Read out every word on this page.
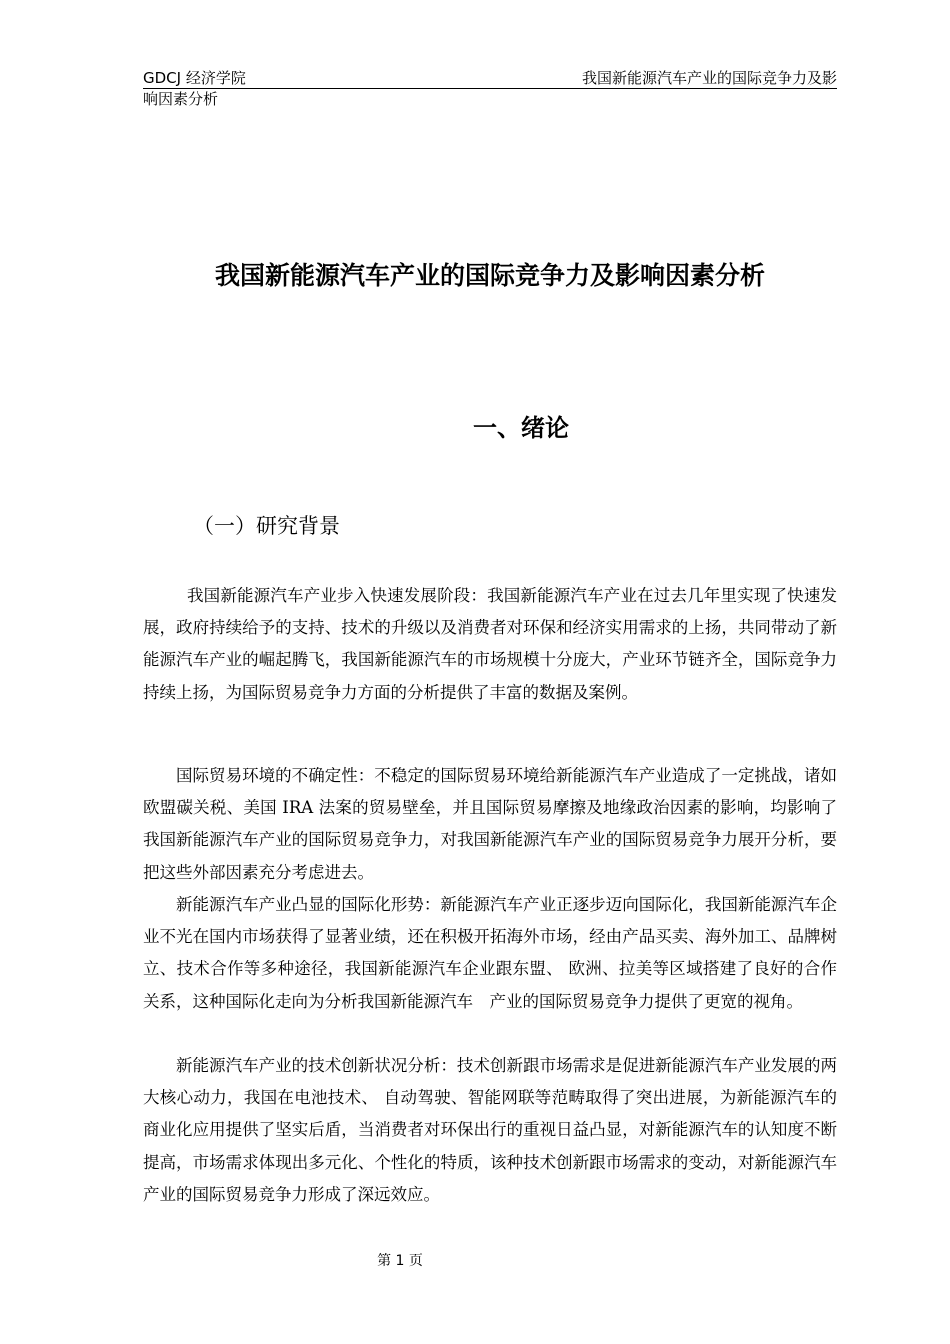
GDCJ 经济学院	我国新能源汽车产业的国际竞争力及影
响因素分析
我国新能源汽车产业的国际竞争力及影响因素分析
一、绪论
（一）研究背景

我国新能源汽车产业步入快速发展阶段：我国新能源汽车产业在过去几年里实现了快速发展，政府持续给予的支持、技术的升级以及消费者对环保和经济实用需求的上扬，共同带动了新能源汽车产业的崛起腾飞，我国新能源汽车的市场规模十分庞大，产业环节链齐全，国际竞争力持续上扬，为国际贸易竞争力方面的分析提供了丰富的数据及案例。

国际贸易环境的不确定性：不稳定的国际贸易环境给新能源汽车产业造成了一定挑战，诸如欧盟碳关税、美国 IRA 法案的贸易壁垒，并且国际贸易摩擦及地缘政治因素的影响，均影响了我国新能源汽车产业的国际贸易竞争力，对我国新能源汽车产业的国际贸易竞争力展开分析，要把这些外部因素充分考虑进去。

新能源汽车产业凸显的国际化形势：新能源汽车产业正逐步迈向国际化，我国新能源汽车企业不光在国内市场获得了显著业绩，还在积极开拓海外市场，经由产品买卖、海外加工、品牌树立、技术合作等多种途径，我国新能源汽车企业跟东盟、 欧洲、拉美等区域搭建了良好的合作关系，这种国际化走向为分析我国新能源汽车　产业的国际贸易竞争力提供了更宽的视角。

新能源汽车产业的技术创新状况分析：技术创新跟市场需求是促进新能源汽车产业发展的两大核心动力，我国在电池技术、 自动驾驶、智能网联等范畴取得了突出进展，为新能源汽车的商业化应用提供了坚实后盾，当消费者对环保出行的重视日益凸显，对新能源汽车的认知度不断提高，市场需求体现出多元化、个性化的特质，该种技术创新跟市场需求的变动，对新能源汽车产业的国际贸易竞争力形成了深远效应。

第 1 页
